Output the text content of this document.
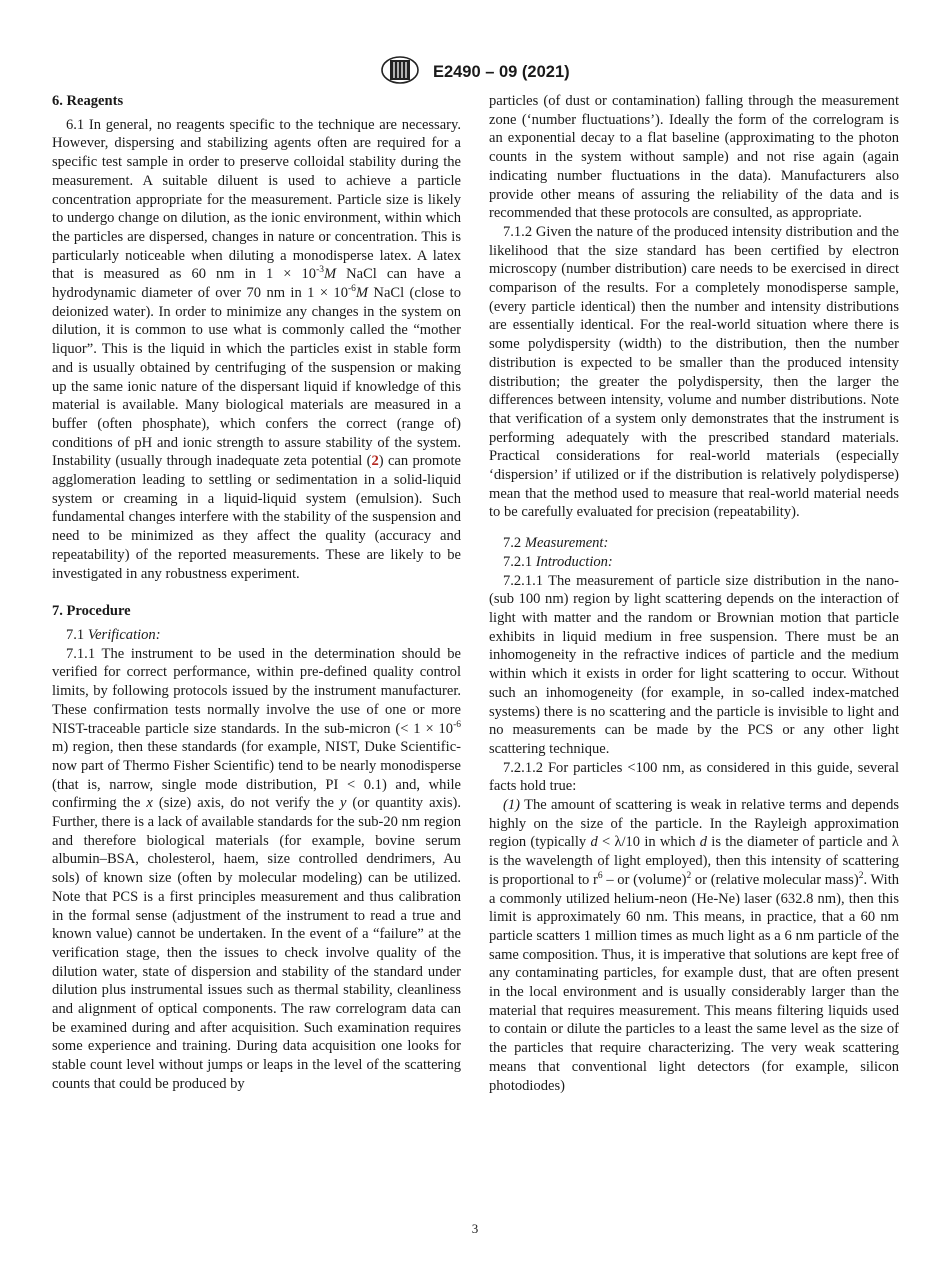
E2490 – 09 (2021)
6. Reagents

6.1 In general, no reagents specific to the technique are necessary. However, dispersing and stabilizing agents often are required for a specific test sample in order to preserve colloidal stability during the measurement. A suitable diluent is used to achieve a particle concentration appropriate for the measurement. Particle size is likely to undergo change on dilution, as the ionic environment, within which the particles are dispersed, changes in nature or concentration. This is particularly noticeable when diluting a monodisperse latex. A latex that is measured as 60 nm in $1 \times 10^{-3}M$ NaCl can have a hydrodynamic diameter of over 70 nm in $1 \times 10^{-6}M$ NaCl (close to deionized water). In order to minimize any changes in the system on dilution, it is common to use what is commonly called the “mother liquor”. This is the liquid in which the particles exist in stable form and is usually obtained by centrifuging of the suspension or making up the same ionic nature of the dispersant liquid if knowledge of this material is available. Many biological materials are measured in a buffer (often phosphate), which confers the correct (range of) conditions of pH and ionic strength to assure stability of the system. Instability (usually through inadequate zeta potential (2) can promote agglomeration leading to settling or sedimentation in a solid-liquid system or creaming in a liquid-liquid system (emulsion). Such fundamental changes interfere with the stability of the suspension and need to be minimized as they affect the quality (accuracy and repeatability) of the reported measurements. These are likely to be investigated in any robustness experiment.

7. Procedure

7.1 Verification:

7.1.1 The instrument to be used in the determination should be verified for correct performance, within pre-defined quality control limits, by following protocols issued by the instrument manufacturer. These confirmation tests normally involve the use of one or more NIST-traceable particle size standards. In the sub-micron (< $1 \times 10^{-6}$ m) region, then these standards (for example, NIST, Duke Scientific- now part of Thermo Fisher Scientific) tend to be nearly monodisperse (that is, narrow, single mode distribution, PI < 0.1) and, while confirming the x (size) axis, do not verify the y (or quantity axis). Further, there is a lack of available standards for the sub-20 nm region and therefore biological materials (for example, bovine serum albumin–BSA, cholesterol, haem, size controlled dendrimers, Au sols) of known size (often by molecular modeling) can be utilized. Note that PCS is a first principles measurement and thus calibration in the formal sense (adjustment of the instrument to read a true and known value) cannot be undertaken. In the event of a “failure” at the verification stage, then the issues to check involve quality of the dilution water, state of dispersion and stability of the standard under dilution plus instrumental issues such as thermal stability, cleanliness and alignment of optical components. The raw correlogram data can be examined during and after acquisition. Such examination requires some experience and training. During data acquisition one looks for stable count level without jumps or leaps in the level of the scattering counts that could be produced by

particles (of dust or contamination) falling through the measurement zone (‘number fluctuations’). Ideally the form of the correlogram is an exponential decay to a flat baseline (approximating to the photon counts in the system without sample) and not rise again (again indicating number fluctuations in the data). Manufacturers also provide other means of assuring the reliability of the data and is recommended that these protocols are consulted, as appropriate.

7.1.2 Given the nature of the produced intensity distribution and the likelihood that the size standard has been certified by electron microscopy (number distribution) care needs to be exercised in direct comparison of the results. For a completely monodisperse sample, (every particle identical) then the number and intensity distributions are essentially identical. For the real-world situation where there is some polydispersity (width) to the distribution, then the number distribution is expected to be smaller than the produced intensity distribution; the greater the polydispersity, then the larger the differences between intensity, volume and number distributions. Note that verification of a system only demonstrates that the instrument is performing adequately with the prescribed standard materials. Practical considerations for real-world materials (especially ‘dispersion’ if utilized or if the distribution is relatively polydisperse) mean that the method used to measure that real-world material needs to be carefully evaluated for precision (repeatability).

7.2 Measurement:

7.2.1 Introduction:

7.2.1.1 The measurement of particle size distribution in the nano- (sub 100 nm) region by light scattering depends on the interaction of light with matter and the random or Brownian motion that particle exhibits in liquid medium in free suspension. There must be an inhomogeneity in the refractive indices of particle and the medium within which it exists in order for light scattering to occur. Without such an inhomogeneity (for example, in so-called index-matched systems) there is no scattering and the particle is invisible to light and no measurements can be made by the PCS or any other light scattering technique.

7.2.1.2 For particles <100 nm, as considered in this guide, several facts hold true:

(1) The amount of scattering is weak in relative terms and depends highly on the size of the particle. In the Rayleigh approximation region (typically d < λ/10 in which d is the diameter of particle and λ is the wavelength of light employed), then this intensity of scattering is proportional to $r^6$ – or (volume)$^2$ or (relative molecular mass)$^2$. With a commonly utilized helium-neon (He-Ne) laser (632.8 nm), then this limit is approximately 60 nm. This means, in practice, that a 60 nm particle scatters 1 million times as much light as a 6 nm particle of the same composition. Thus, it is imperative that solutions are kept free of any contaminating particles, for example dust, that are often present in the local environment and is usually considerably larger than the material that requires measurement. This means filtering liquids used to contain or dilute the particles to a least the same level as the size of the particles that require characterizing. The very weak scattering means that conventional light detectors (for example, silicon photodiodes)

3
